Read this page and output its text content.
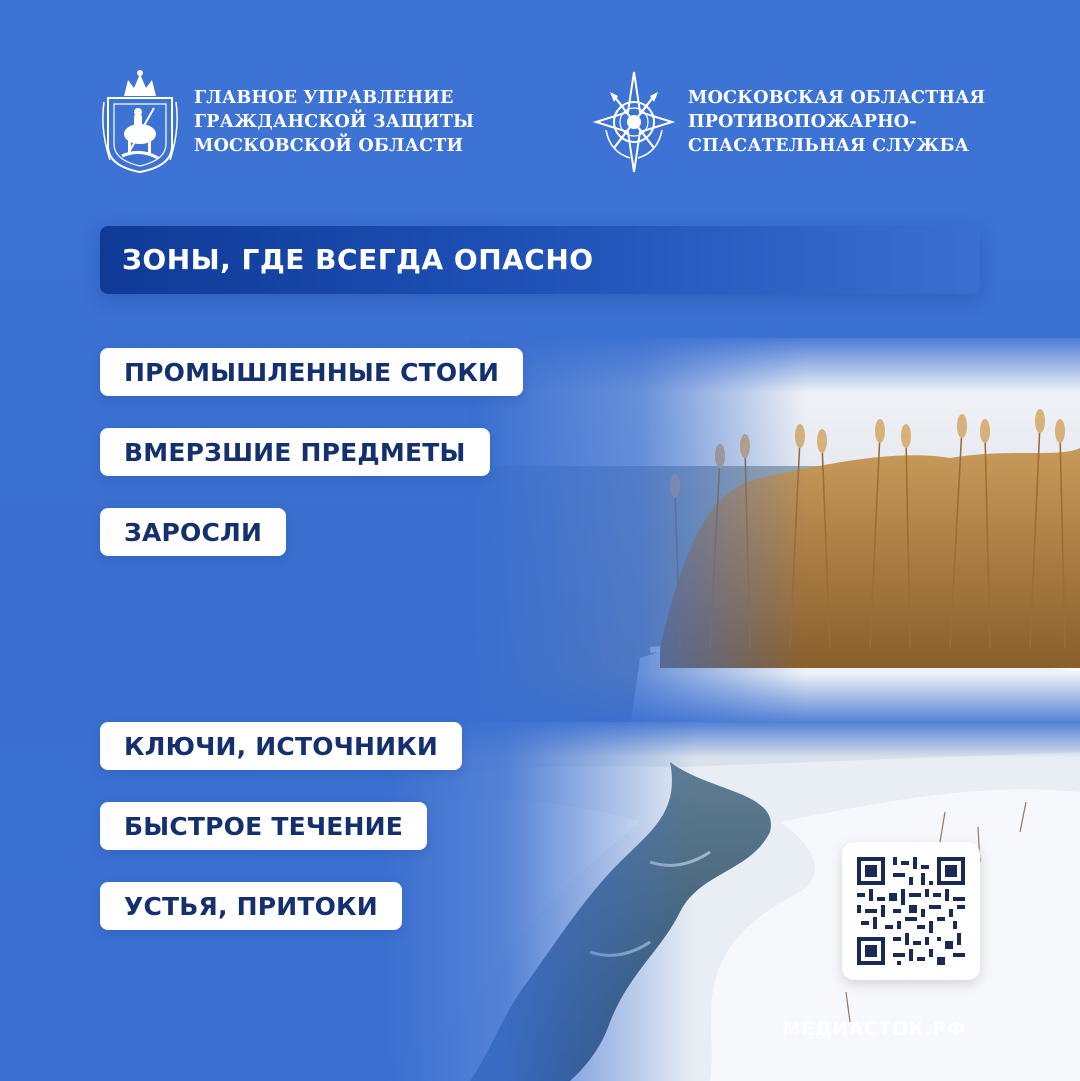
ГЛАВНОЕ УПРАВЛЕНИЕ
ГРАЖДАНСКОЙ ЗАЩИТЫ
МОСКОВСКОЙ ОБЛАСТИ
МОСКОВСКАЯ ОБЛАСТНАЯ
ПРОТИВОПОЖАРНО-
СПАСАТЕЛЬНАЯ СЛУЖБА
ЗОНЫ, ГДЕ ВСЕГДА ОПАСНО
ПРОМЫШЛЕННЫЕ СТОКИ
ВМЕРЗШИЕ ПРЕДМЕТЫ
ЗАРОСЛИ
КЛЮЧИ, ИСТОЧНИКИ
БЫСТРОЕ ТЕЧЕНИЕ
УСТЬЯ, ПРИТОКИ
МЕДИАСТОК.РФ
